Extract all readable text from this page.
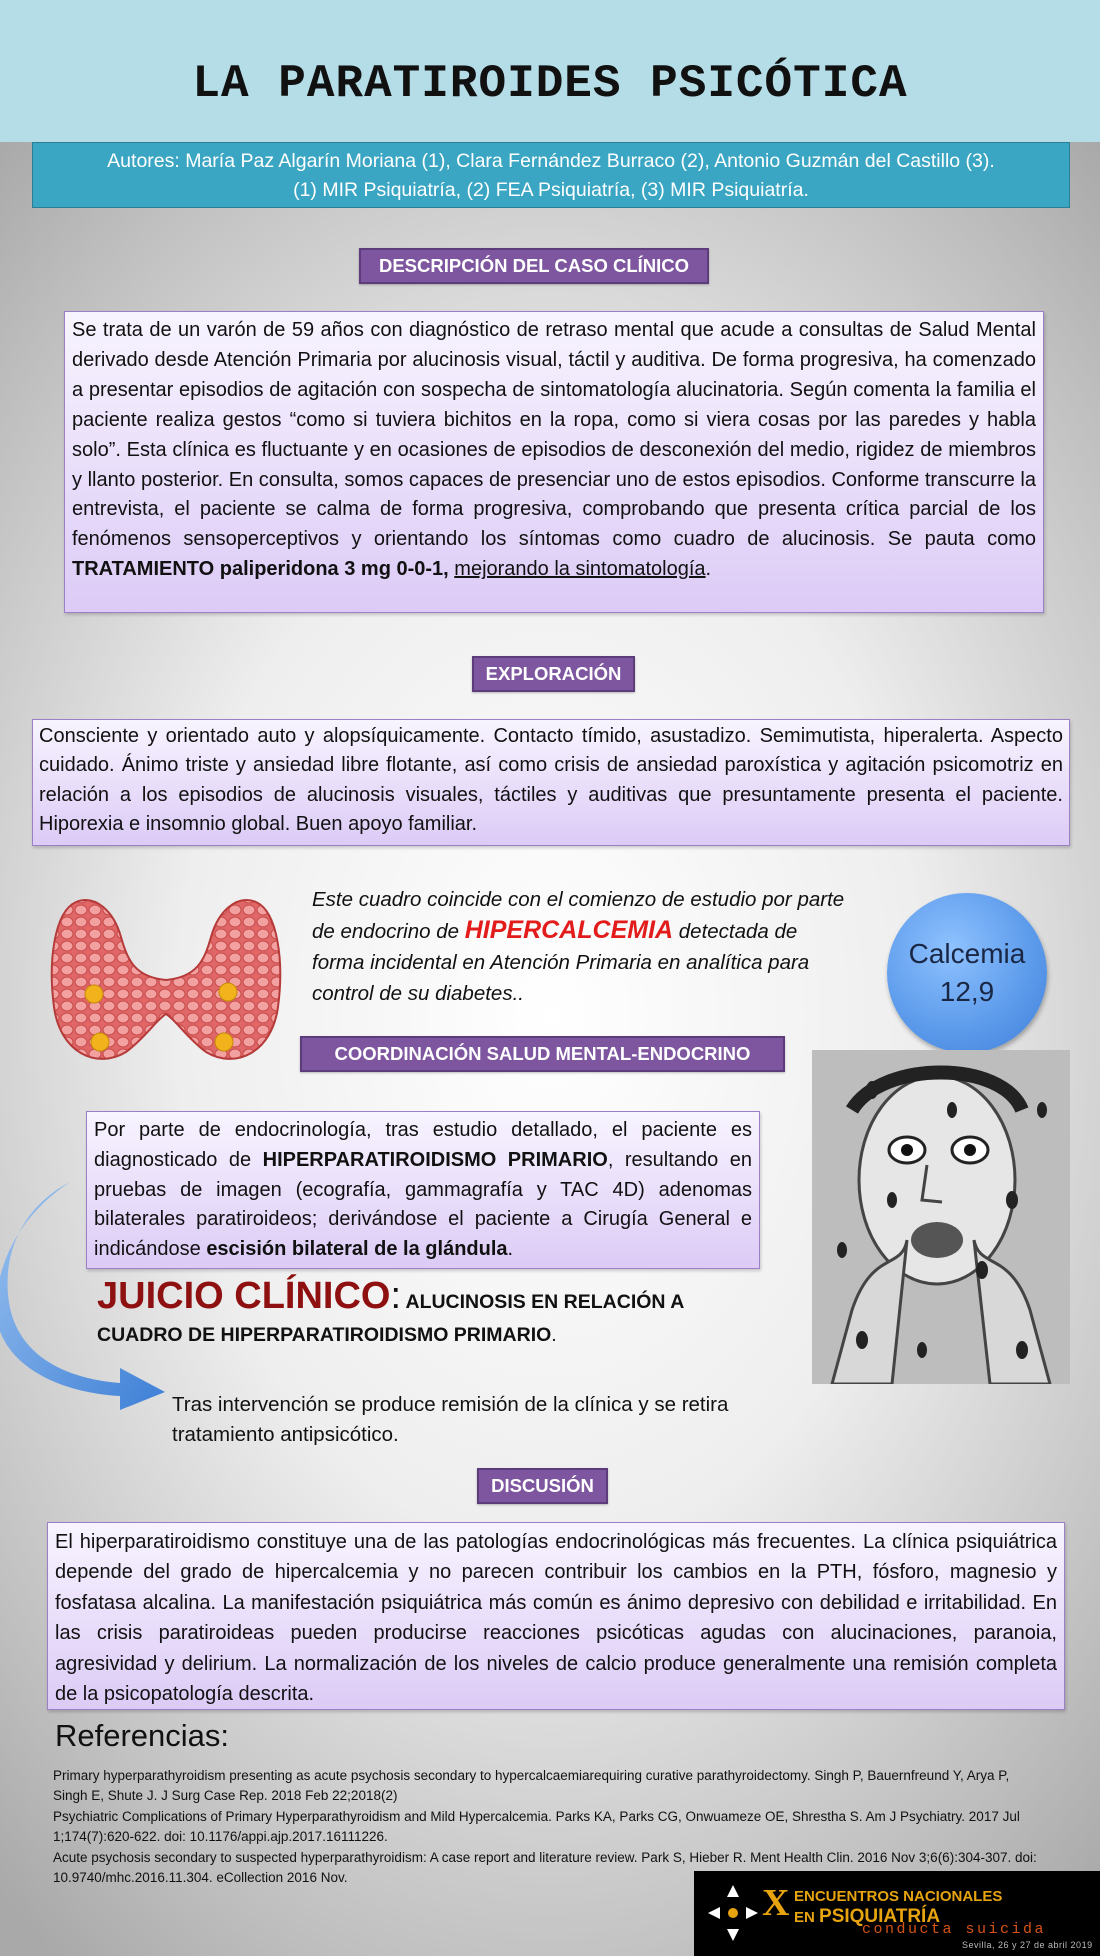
LA PARATIROIDES PSICÓTICA
Autores: María Paz Algarín Moriana (1), Clara Fernández Burraco (2), Antonio Guzmán del Castillo (3).
(1) MIR Psiquiatría, (2) FEA Psiquiatría, (3) MIR Psiquiatría.
DESCRIPCIÓN DEL CASO CLÍNICO
Se trata de un varón de 59 años con diagnóstico de retraso mental que acude a consultas de Salud Mental derivado desde Atención Primaria por alucinosis visual, táctil y auditiva. De forma progresiva, ha comenzado a presentar episodios de agitación con sospecha de sintomatología alucinatoria. Según comenta la familia el paciente realiza gestos “como si tuviera bichitos en la ropa, como si viera cosas por las paredes y habla solo”. Esta clínica es fluctuante y en ocasiones de episodios de desconexión del medio, rigidez de miembros y llanto posterior. En consulta, somos capaces de presenciar uno de estos episodios. Conforme transcurre la entrevista, el paciente se calma de forma progresiva, comprobando que presenta crítica parcial de los fenómenos sensoperceptivos y orientando los síntomas como cuadro de alucinosis. Se pauta como TRATAMIENTO paliperidona 3 mg 0-0-1, mejorando la sintomatología.
EXPLORACIÓN
Consciente y orientado auto y alopsíquicamente. Contacto tímido, asustadizo. Semimutista, hiperalerta. Aspecto cuidado. Ánimo triste y ansiedad libre flotante, así como crisis de ansiedad paroxística y agitación psicomotriz en relación a los episodios de alucinosis visuales, táctiles y auditivas que presuntamente presenta el paciente. Hiporexia e insomnio global. Buen apoyo familiar.

Este cuadro coincide con el comienzo de estudio por parte de endocrino de HIPERCALCEMIA detectada de forma incidental en Atención Primaria en analítica para control de su diabetes..

Calcemia
12,9
COORDINACIÓN SALUD MENTAL-ENDOCRINO
Por parte de endocrinología, tras estudio detallado, el paciente es diagnosticado de HIPERPARATIROIDISMO PRIMARIO, resultando en pruebas de imagen (ecografía, gammagrafía y TAC 4D) adenomas bilaterales paratiroideos; derivándose el paciente a Cirugía General e indicándose escisión bilateral de la glándula.
JUICIO CLÍNICO: ALUCINOSIS EN RELACIÓN A
CUADRO DE HIPERPARATIROIDISMO PRIMARIO.

Tras intervención se produce remisión de la clínica y se retira tratamiento antipsicótico.

DISCUSIÓN
El hiperparatiroidismo constituye una de las patologías endocrinológicas más frecuentes. La clínica psiquiátrica depende del grado de hipercalcemia y no parecen contribuir los cambios en la PTH, fósforo, magnesio y fosfatasa alcalina. La manifestación psiquiátrica más común es ánimo depresivo con debilidad e irritabilidad. En las crisis paratiroideas pueden producirse reacciones psicóticas agudas con alucinaciones, paranoia, agresividad y delirium. La normalización de los niveles de calcio produce generalmente una remisión completa de la psicopatología descrita.
Referencias:

Primary hyperparathyroidism presenting as acute psychosis secondary to hypercalcaemiarequiring curative parathyroidectomy. Singh P, Bauernfreund Y, Arya P, Singh E, Shute J. J Surg Case Rep. 2018 Feb 22;2018(2)

Psychiatric Complications of Primary Hyperparathyroidism and Mild Hypercalcemia. Parks KA, Parks CG, Onwuameze OE, Shrestha S. Am J Psychiatry. 2017 Jul 1;174(7):620-622. doi: 10.1176/appi.ajp.2017.16111226.

Acute psychosis secondary to suspected hyperparathyroidism: A case report and literature review. Park S, Hieber R. Ment Health Clin. 2016 Nov 3;6(6):304-307. doi: 10.9740/mhc.2016.11.304. eCollection 2016 Nov.

X ENCUENTROS NACIONALES
EN PSIQUIATRÍA
conducta suicida
Sevilla, 26 y 27 de abril 2019
